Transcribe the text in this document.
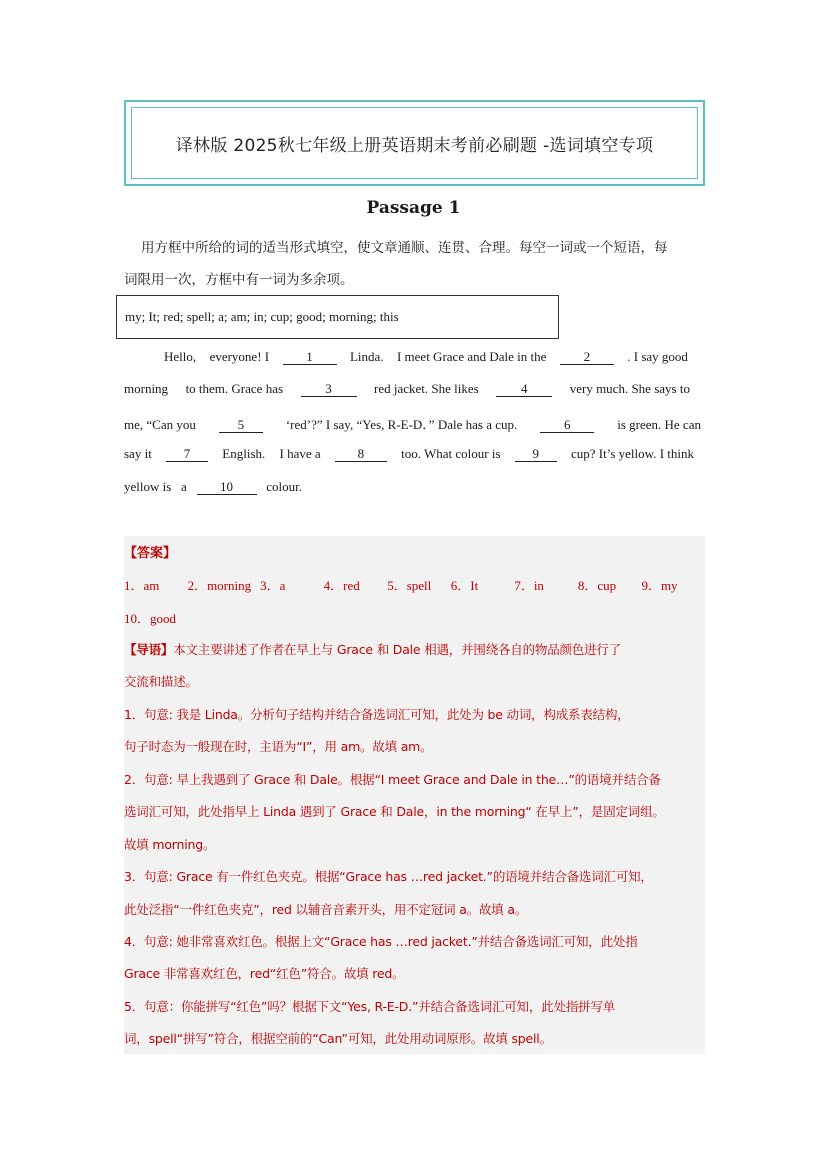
译林版 2025秋七年级上册英语期末考前必刷题 -选词填空专项
Passage 1
用方框中所给的词的适当形式填空，使文章通顺、连贯、合理。每空一词或一个短语，每
词限用一次，方框中有一词为多余项。
my; It; red; spell; a; am; in; cup; good; morning; this
Hello, everyone! I	1	Linda. I meet Grace and Dale in the	2	. I say good
morning to them. Grace has	3	red jacket. She likes	4	very much. She says to
me, “Can you	5	‘red’?” I say, “Yes, R-E-D．” Dale has a cup.	6	is green. He can
say it	7	English. I have a	8	too. What colour is	9	cup? It’s yellow. I think
yellow is a	10	colour.
【答案】
1．am	2．morning 3．a	4．red	5．spell	6．It	7．in	8．cup	9．my
10．good
【导语】本文主要讲述了作者在早上与 Grace 和 Dale 相遇，并围绕各自的物品颜色进行了
交流和描述。
1．句意: 我是 Linda。分析句子结构并结合备选词汇可知，此处为 be 动词，构成系表结构，
句子时态为一般现在时，主语为“I”，用 am。故填 am。
2．句意: 早上我遇到了 Grace 和 Dale。根据“I meet Grace and Dale in the…”的语境并结合备
选词汇可知，此处指早上 Linda 遇到了 Grace 和 Dale，in the morning“ 在早上”，是固定词组。
故填 morning。
3．句意: Grace 有一件红色夹克。根据“Grace has …red jacket.”的语境并结合备选词汇可知，
此处泛指“一件红色夹克”，red 以辅音音素开头，用不定冠词 a。故填 a。
4．句意: 她非常喜欢红色。根据上文“Grace has …red jacket.”并结合备选词汇可知，此处指
Grace 非常喜欢红色，red“红色”符合。故填 red。
5．句意：你能拼写“红色”吗？根据下文“Yes, R-E-D.”并结合备选词汇可知，此处指拼写单
词，spell“拼写”符合，根据空前的“Can”可知，此处用动词原形。故填 spell。
